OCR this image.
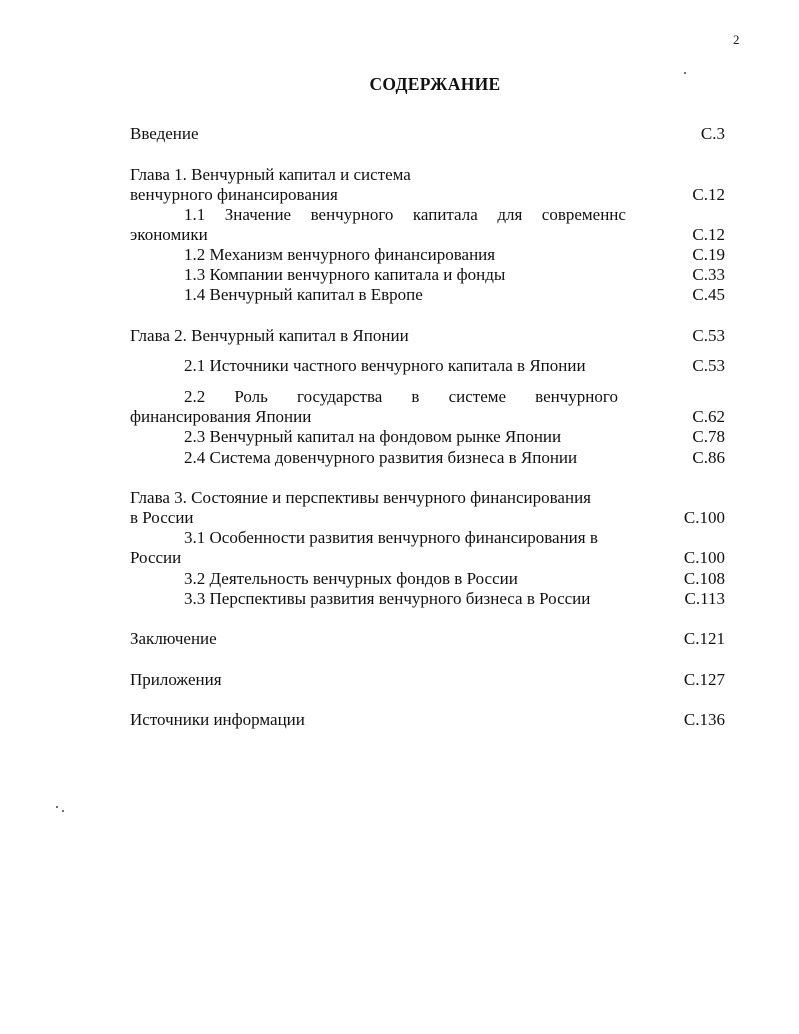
2
СОДЕРЖАНИЕ
Введение	С.3
Глава 1. Венчурный капитал и система
венчурного финансирования	С.12
1.1 Значение венчурного капитала для современнс
экономики	С.12
1.2 Механизм венчурного финансирования	С.19
1.3 Компании венчурного капитала и фонды	С.33
1.4 Венчурный капитал в Европе	С.45
Глава 2. Венчурный капитал в Японии	С.53
2.1 Источники частного венчурного капитала в Японии	С.53
2.2 Роль государства в системе венчурного
финансирования Японии	С.62
2.3 Венчурный капитал на фондовом рынке Японии	С.78
2.4 Система довенчурного развития бизнеса в Японии	С.86
Глава 3. Состояние и перспективы венчурного финансирования
в России	С.100
3.1 Особенности развития венчурного финансирования в
России	С.100
3.2 Деятельность венчурных фондов в России	С.108
3.3 Перспективы развития венчурного бизнеса в России	С.113
Заключение	С.121
Приложения	С.127
Источники информации	С.136
